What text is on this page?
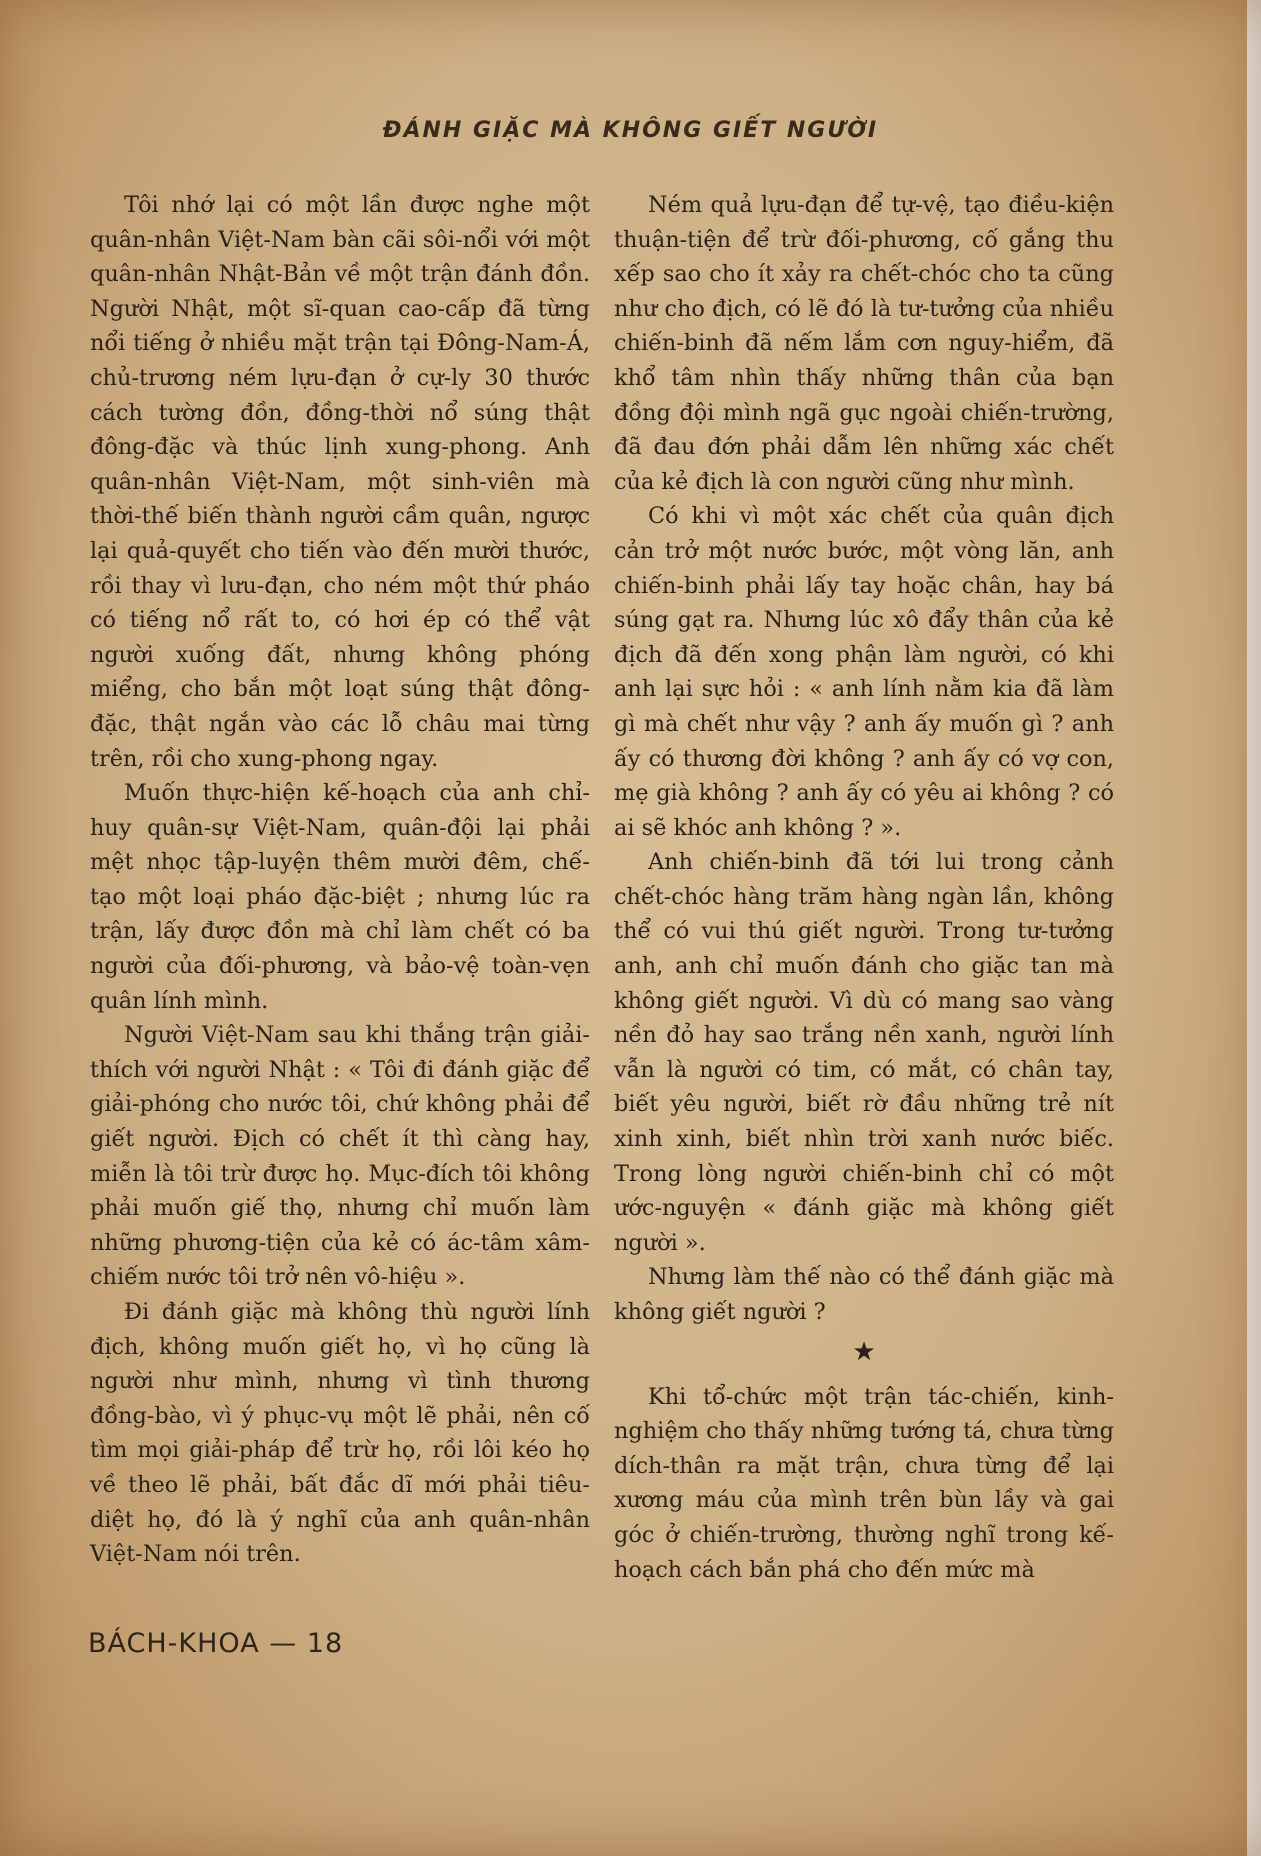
ĐÁNH GIẶC MÀ KHÔNG GIẾT NGƯỜI

Tôi nhớ lại có một lần được nghe một quân-nhân Việt-Nam bàn cãi sôi-nổi với một quân-nhân Nhật-Bản về một trận đánh đồn. Người Nhật, một sĩ-quan cao-cấp đã từng nổi tiếng ở nhiều mặt trận tại Đông-Nam-Á, chủ-trương ném lựu-đạn ở cự-ly 30 thước cách tường đồn, đồng-thời nổ súng thật đông-đặc và thúc lịnh xung-phong. Anh quân-nhân Việt-Nam, một sinh-viên mà thời-thế biến thành người cầm quân, ngược lại quả-quyết cho tiến vào đến mười thước, rồi thay vì lưu-đạn, cho ném một thứ pháo có tiếng nổ rất to, có hơi ép có thể vật người xuống đất, nhưng không phóng miểng, cho bắn một loạt súng thật đông-đặc, thật ngắn vào các lỗ châu mai từng trên, rồi cho xung-phong ngay.

Muốn thực-hiện kế-hoạch của anh chỉ-huy quân-sự Việt-Nam, quân-đội lại phải mệt nhọc tập-luyện thêm mười đêm, chế-tạo một loại pháo đặc-biệt ; nhưng lúc ra trận, lấy được đồn mà chỉ làm chết có ba người của đối-phương, và bảo-vệ toàn-vẹn quân lính mình.

Người Việt-Nam sau khi thắng trận giải-thích với người Nhật : « Tôi đi đánh giặc để giải-phóng cho nước tôi, chứ không phải để giết người. Địch có chết ít thì càng hay, miễn là tôi trừ được họ. Mục-đích tôi không phải muốn giế thọ, nhưng chỉ muốn làm những phương-tiện của kẻ có ác-tâm xâm-chiếm nước tôi trở nên vô-hiệu ».

Đi đánh giặc mà không thù người lính địch, không muốn giết họ, vì họ cũng là người như mình, nhưng vì tình thương đồng-bào, vì ý phục-vụ một lẽ phải, nên cố tìm mọi giải-pháp để trừ họ, rồi lôi kéo họ về theo lẽ phải, bất đắc dĩ mới phải tiêu-diệt họ, đó là ý nghĩ của anh quân-nhân Việt-Nam nói trên.

Ném quả lựu-đạn để tự-vệ, tạo điều-kiện thuận-tiện để trừ đối-phương, cố gắng thu xếp sao cho ít xảy ra chết-chóc cho ta cũng như cho địch, có lẽ đó là tư-tưởng của nhiều chiến-binh đã nếm lắm cơn nguy-hiểm, đã khổ tâm nhìn thấy những thân của bạn đồng đội mình ngã gục ngoài chiến-trường, đã đau đớn phải dẫm lên những xác chết của kẻ địch là con người cũng như mình.

Có khi vì một xác chết của quân địch cản trở một nước bước, một vòng lăn, anh chiến-binh phải lấy tay hoặc chân, hay bá súng gạt ra. Nhưng lúc xô đẩy thân của kẻ địch đã đến xong phận làm người, có khi anh lại sực hỏi : « anh lính nằm kia đã làm gì mà chết như vậy ? anh ấy muốn gì ? anh ấy có thương đời không ? anh ấy có vợ con, mẹ già không ? anh ấy có yêu ai không ? có ai sẽ khóc anh không ? ».

Anh chiến-binh đã tới lui trong cảnh chết-chóc hàng trăm hàng ngàn lần, không thể có vui thú giết người. Trong tư-tưởng anh, anh chỉ muốn đánh cho giặc tan mà không giết người. Vì dù có mang sao vàng nền đỏ hay sao trắng nền xanh, người lính vẫn là người có tim, có mắt, có chân tay, biết yêu người, biết rờ đầu những trẻ nít xinh xinh, biết nhìn trời xanh nước biếc. Trong lòng người chiến-binh chỉ có một ước-nguyện « đánh giặc mà không giết người ».

Nhưng làm thế nào có thể đánh giặc mà không giết người ?

★

Khi tổ-chức một trận tác-chiến, kinh-nghiệm cho thấy những tướng tá, chưa từng dích-thân ra mặt trận, chưa từng để lại xương máu của mình trên bùn lầy và gai góc ở chiến-trường, thường nghĩ trong kế-hoạch cách bắn phá cho đến mức mà

BÁCH-KHOA — 18
